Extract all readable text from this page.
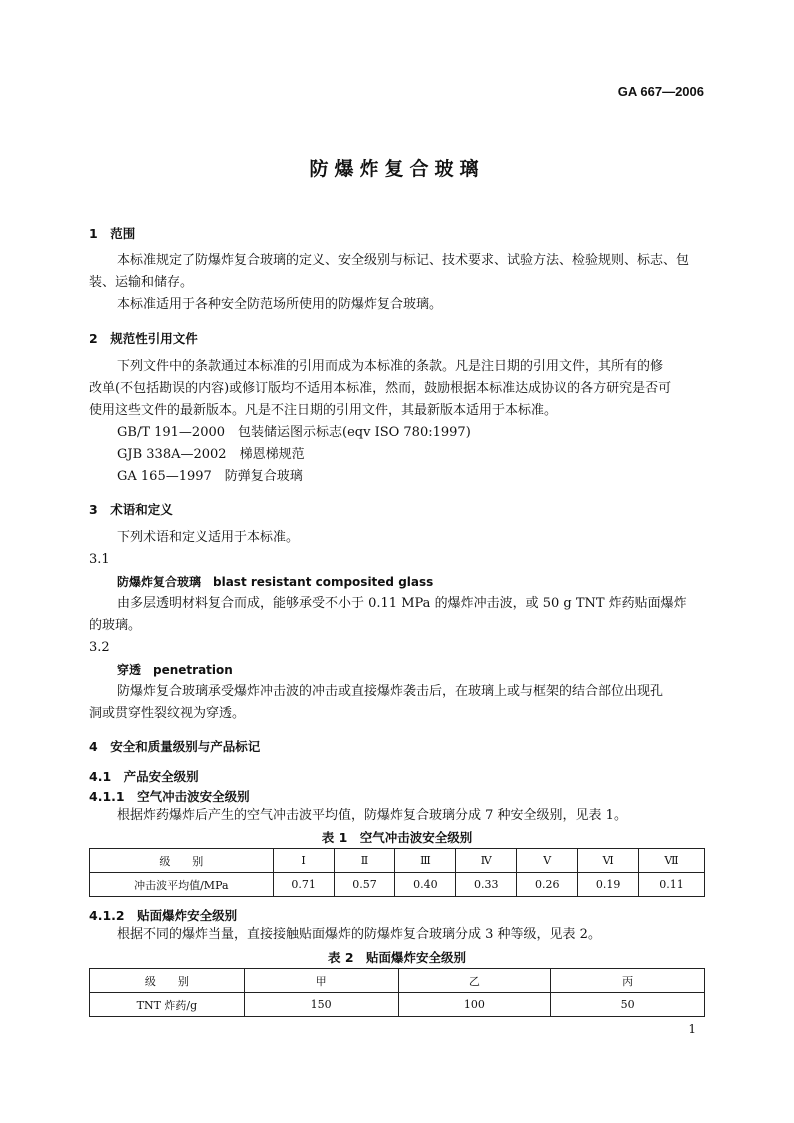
GA 667—2006
防爆炸复合玻璃
1　范围
本标准规定了防爆炸复合玻璃的定义、安全级别与标记、技术要求、试验方法、检验规则、标志、包
装、运输和储存。
本标准适用于各种安全防范场所使用的防爆炸复合玻璃。
2　规范性引用文件
下列文件中的条款通过本标准的引用而成为本标准的条款。凡是注日期的引用文件，其所有的修
改单(不包括勘误的内容)或修订版均不适用本标准，然而，鼓励根据本标准达成协议的各方研究是否可
使用这些文件的最新版本。凡是不注日期的引用文件，其最新版本适用于本标准。
GB/T 191—2000　包装储运图示标志(eqv ISO 780:1997)
GJB 338A—2002　梯恩梯规范
GA 165—1997　防弹复合玻璃
3　术语和定义
下列术语和定义适用于本标准。
3.1
防爆炸复合玻璃　blast resistant composited glass
由多层透明材料复合而成，能够承受不小于 0.11 MPa 的爆炸冲击波，或 50 g TNT 炸药贴面爆炸
的玻璃。
3.2
穿透　penetration
防爆炸复合玻璃承受爆炸冲击波的冲击或直接爆炸袭击后，在玻璃上或与框架的结合部位出现孔
洞或贯穿性裂纹视为穿透。
4　安全和质量级别与产品标记
4.1　产品安全级别
4.1.1　空气冲击波安全级别
根据炸药爆炸后产生的空气冲击波平均值，防爆炸复合玻璃分成 7 种安全级别，见表 1。
表 1　空气冲击波安全级别
级　　别	Ⅰ	Ⅱ	Ⅲ	Ⅳ	Ⅴ	Ⅵ	Ⅶ
冲击波平均值/MPa	0.71	0.57	0.40	0.33	0.26	0.19	0.11
4.1.2　贴面爆炸安全级别
根据不同的爆炸当量，直接接触贴面爆炸的防爆炸复合玻璃分成 3 种等级，见表 2。
表 2　贴面爆炸安全级别
级　　别	甲	乙	丙
TNT 炸药/g	150	100	50
1
